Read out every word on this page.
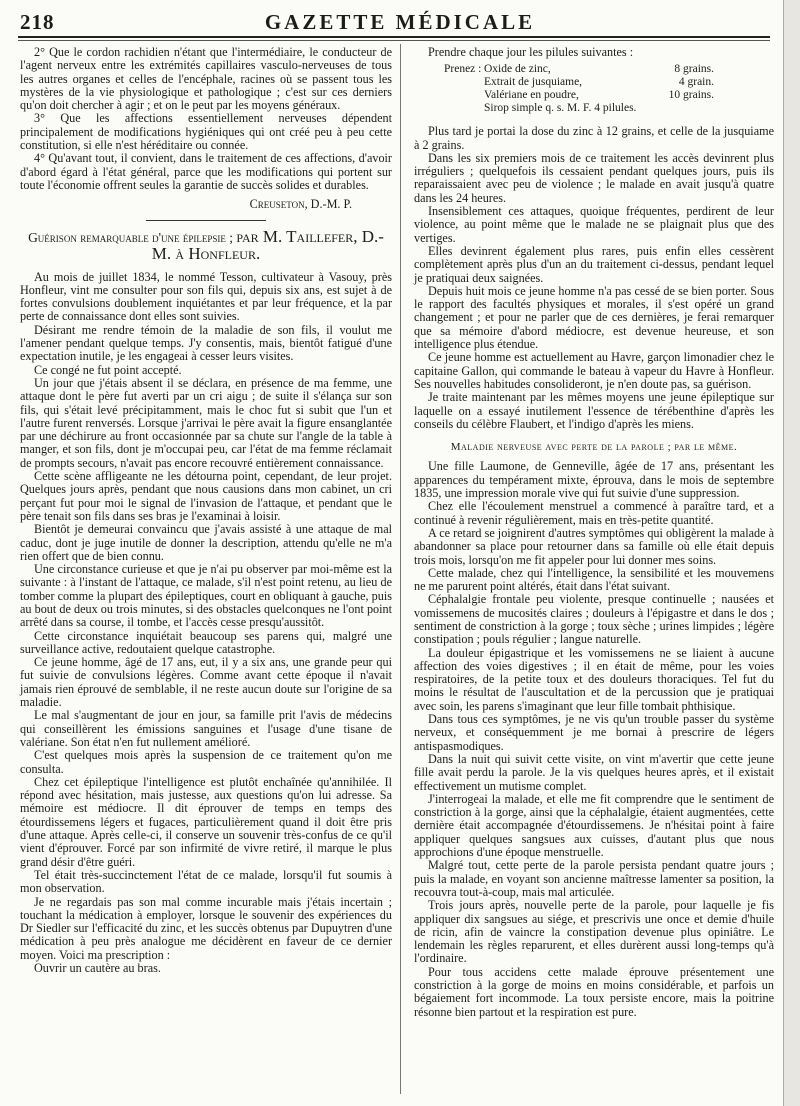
218	GAZETTE MÉDICALE

2° Que le cordon rachidien n'étant que l'intermédiaire, le conducteur de l'agent nerveux entre les extrémités capillaires vasculo-nerveuses de tous les autres organes et celles de l'encéphale, racines où se passent tous les mystères de la vie physiologique et pathologique ; c'est sur ces derniers qu'on doit chercher à agir ; et on le peut par les moyens généraux.

3° Que les affections essentiellement nerveuses dépendent principalement de modifications hygiéniques qui ont créé peu à peu cette constitution, si elle n'est héréditaire ou connée.

4° Qu'avant tout, il convient, dans le traitement de ces affections, d'avoir d'abord égard à l'état général, parce que les modifications qui portent sur toute l'économie offrent seules la garantie de succès solides et durables.

Creuseton, D.-M. P.

Guérison remarquable d'une épilepsie ; par M. Taillefer, D.-M. à Honfleur.

Au mois de juillet 1834, le nommé Tesson, cultivateur à Vasouy, près Honfleur, vint me consulter pour son fils qui, depuis six ans, est sujet à de fortes convulsions doublement inquiétantes et par leur fréquence, et la par perte de connaissance dont elles sont suivies.

Désirant me rendre témoin de la maladie de son fils, il voulut me l'amener pendant quelque temps. J'y consentis, mais, bientôt fatigué d'une expectation inutile, je les engageai à cesser leurs visites.

Ce congé ne fut point accepté.

Un jour que j'étais absent il se déclara, en présence de ma femme, une attaque dont le père fut averti par un cri aigu ; de suite il s'élança sur son fils, qui s'était levé précipitamment, mais le choc fut si subit que l'un et l'autre furent renversés. Lorsque j'arrivai le père avait la figure ensanglantée par une déchirure au front occasionnée par sa chute sur l'angle de la table à manger, et son fils, dont je m'occupai peu, car l'état de ma femme réclamait de prompts secours, n'avait pas encore recouvré entièrement connaissance.

Cette scène affligeante ne les détourna point, cependant, de leur projet. Quelques jours après, pendant que nous causions dans mon cabinet, un cri perçant fut pour moi le signal de l'invasion de l'attaque, et pendant que le père tenait son fils dans ses bras je l'examinai à loisir.

Bientôt je demeurai convaincu que j'avais assisté à une attaque de mal caduc, dont je juge inutile de donner la description, attendu qu'elle ne m'a rien offert que de bien connu.

Une circonstance curieuse et que je n'ai pu observer par moi-même est la suivante : à l'instant de l'attaque, ce malade, s'il n'est point retenu, au lieu de tomber comme la plupart des épileptiques, court en obliquant à gauche, puis au bout de deux ou trois minutes, si des obstacles quelconques ne l'ont point arrêté dans sa course, il tombe, et l'accès cesse presqu'aussitôt.

Cette circonstance inquiétait beaucoup ses parens qui, malgré une surveillance active, redoutaient quelque catastrophe.

Ce jeune homme, âgé de 17 ans, eut, il y a six ans, une grande peur qui fut suivie de convulsions légères. Comme avant cette époque il n'avait jamais rien éprouvé de semblable, il ne reste aucun doute sur l'origine de sa maladie.

Le mal s'augmentant de jour en jour, sa famille prit l'avis de médecins qui conseillèrent les émissions sanguines et l'usage d'une tisane de valériane. Son état n'en fut nullement amélioré.

C'est quelques mois après la suspension de ce traitement qu'on me consulta.

Chez cet épileptique l'intelligence est plutôt enchaînée qu'annihilée. Il répond avec hésitation, mais justesse, aux questions qu'on lui adresse. Sa mémoire est médiocre. Il dit éprouver de temps en temps des étourdissemens légers et fugaces, particulièrement quand il doit être pris d'une attaque. Après celle-ci, il conserve un souvenir très-confus de ce qu'il vient d'éprouver. Forcé par son infirmité de vivre retiré, il marque le plus grand désir d'être guéri.

Tel était très-succinctement l'état de ce malade, lorsqu'il fut soumis à mon observation.

Je ne regardais pas son mal comme incurable mais j'étais incertain ; touchant la médication à employer, lorsque le souvenir des expériences du Dr Siedler sur l'efficacité du zinc, et les succès obtenus par Dupuytren d'une médication à peu près analogue me décidèrent en faveur de ce dernier moyen. Voici ma prescription :

Ouvrir un cautère au bras.

Prendre chaque jour les pilules suivantes :

Prenez : Oxide de zinc,	8 grains.
Extrait de jusquiame,	4 grain.
Valériane en poudre,	10 grains.
Sirop simple q. s. M. F. 4 pilules.

Plus tard je portai la dose du zinc à 12 grains, et celle de la jusquiame à 2 grains.

Dans les six premiers mois de ce traitement les accès devinrent plus irréguliers ; quelquefois ils cessaient pendant quelques jours, puis ils reparaissaient avec peu de violence ; le malade en avait jusqu'à quatre dans les 24 heures.

Insensiblement ces attaques, quoique fréquentes, perdirent de leur violence, au point même que le malade ne se plaignait plus que des vertiges.

Elles devinrent également plus rares, puis enfin elles cessèrent complètement après plus d'un an du traitement ci-dessus, pendant lequel je pratiquai deux saignées.

Depuis huit mois ce jeune homme n'a pas cessé de se bien porter. Sous le rapport des facultés physiques et morales, il s'est opéré un grand changement ; et pour ne parler que de ces dernières, je ferai remarquer que sa mémoire d'abord médiocre, est devenue heureuse, et son intelligence plus étendue.

Ce jeune homme est actuellement au Havre, garçon limonadier chez le capitaine Gallon, qui commande le bateau à vapeur du Havre à Honfleur. Ses nouvelles habitudes consolideront, je n'en doute pas, sa guérison.

Je traite maintenant par les mêmes moyens une jeune épileptique sur laquelle on a essayé inutilement l'essence de térébenthine d'après les conseils du célèbre Flaubert, et l'indigo d'après les miens.

Maladie nerveuse avec perte de la parole ; par le même.

Une fille Laumone, de Genneville, âgée de 17 ans, présentant les apparences du tempérament mixte, éprouva, dans le mois de septembre 1835, une impression morale vive qui fut suivie d'une suppression.

Chez elle l'écoulement menstruel a commencé à paraître tard, et a continué à revenir régulièrement, mais en très-petite quantité.

A ce retard se joignirent d'autres symptômes qui obligèrent la malade à abandonner sa place pour retourner dans sa famille où elle était depuis trois mois, lorsqu'on me fit appeler pour lui donner mes soins.

Cette malade, chez qui l'intelligence, la sensibilité et les mouvemens ne me parurent point altérés, était dans l'état suivant.

Céphalalgie frontale peu violente, presque continuelle ; nausées et vomissemens de mucosités claires ; douleurs à l'épigastre et dans le dos ; sentiment de constriction à la gorge ; toux sèche ; urines limpides ; légère constipation ; pouls régulier ; langue naturelle.

La douleur épigastrique et les vomissemens ne se liaient à aucune affection des voies digestives ; il en était de même, pour les voies respiratoires, de la petite toux et des douleurs thoraciques. Tel fut du moins le résultat de l'auscultation et de la percussion que je pratiquai avec soin, les parens s'imaginant que leur fille tombait phthisique.

Dans tous ces symptômes, je ne vis qu'un trouble passer du système nerveux, et conséquemment je me bornai à prescrire de légers antispasmodiques.

Dans la nuit qui suivit cette visite, on vint m'avertir que cette jeune fille avait perdu la parole. Je la vis quelques heures après, et il existait effectivement un mutisme complet.

J'interrogeai la malade, et elle me fit comprendre que le sentiment de constriction à la gorge, ainsi que la céphalalgie, étaient augmentées, cette dernière était accompagnée d'étourdissemens. Je n'hésitai point à faire appliquer quelques sangsues aux cuisses, d'autant plus que nous approchions d'une époque menstruelle.

Malgré tout, cette perte de la parole persista pendant quatre jours ; puis la malade, en voyant son ancienne maîtresse lamenter sa position, la recouvra tout-à-coup, mais mal articulée.

Trois jours après, nouvelle perte de la parole, pour laquelle je fis appliquer dix sangsues au siége, et prescrivis une once et demie d'huile de ricin, afin de vaincre la constipation devenue plus opiniâtre. Le lendemain les règles reparurent, et elles durèrent aussi long-temps qu'à l'ordinaire.

Pour tous accidens cette malade éprouve présentement une constriction à la gorge de moins en moins considérable, et parfois un bégaiement fort incommode. La toux persiste encore, mais la poitrine résonne bien partout et la respiration est pure.
